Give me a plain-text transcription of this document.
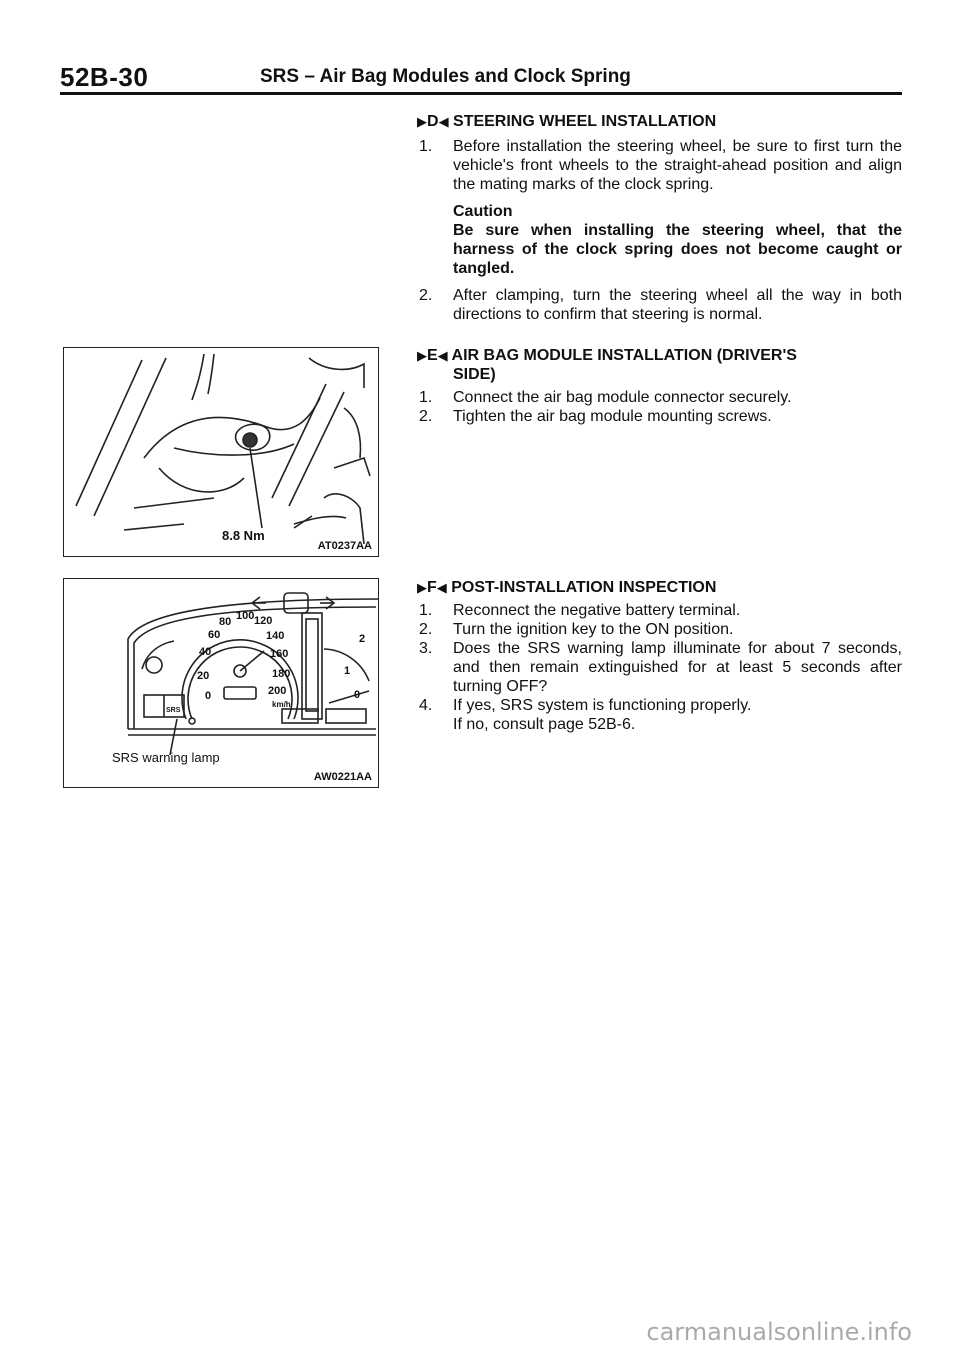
52B-30	SRS – Air Bag Modules and Clock Spring
▶D◀ STEERING WHEEL INSTALLATION
1. Before installation the steering wheel, be sure to first turn the vehicle's front wheels to the straight-ahead position and align the mating marks of the clock spring.

Caution

Be sure when installing the steering wheel, that the harness of the clock spring does not become caught or tangled.

2. After clamping, turn the steering wheel all the way in both directions to confirm that steering is normal.
▶E◀ AIR BAG MODULE INSTALLATION (DRIVER'S
SIDE)
1. Connect the air bag module connector securely.
2. Tighten the air bag module mounting screws.
▶F◀ POST-INSTALLATION INSPECTION
1. Reconnect the negative battery terminal.
2. Turn the ignition key to the ON position.
3. Does the SRS warning lamp illuminate for about 7 seconds, and then remain extinguished for at least 5 seconds after turning OFF?
4. If yes, SRS system is functioning properly.
If no, consult page 52B-6.
8.8 Nm
AT0237AA
0
20
40
60
80 100 120
140
160
180
200
km/h
0
1
2
SRS
SRS warning lamp
AW0221AA
carmanualsonline.info
